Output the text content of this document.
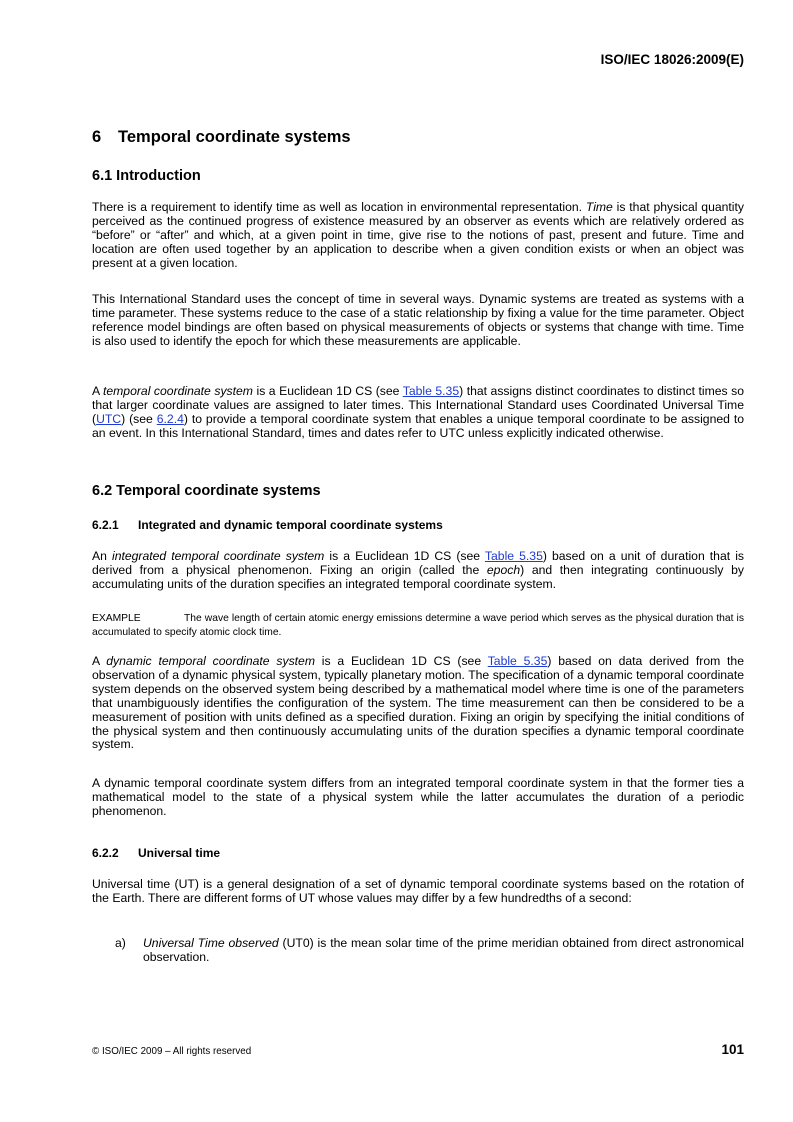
ISO/IEC 18026:2009(E)
6 Temporal coordinate systems
6.1 Introduction

There is a requirement to identify time as well as location in environmental representation. Time is that physical quantity perceived as the continued progress of existence measured by an observer as events which are relatively ordered as “before” or “after” and which, at a given point in time, give rise to the notions of past, present and future. Time and location are often used together by an application to describe when a given condition exists or when an object was present at a given location.

This International Standard uses the concept of time in several ways. Dynamic systems are treated as systems with a time parameter. These systems reduce to the case of a static relationship by fixing a value for the time parameter. Object reference model bindings are often based on physical measurements of objects or systems that change with time. Time is also used to identify the epoch for which these measurements are applicable.

A temporal coordinate system is a Euclidean 1D CS (see Table 5.35) that assigns distinct coordinates to distinct times so that larger coordinate values are assigned to later times. This International Standard uses Coordinated Universal Time (UTC) (see 6.2.4) to provide a temporal coordinate system that enables a unique temporal coordinate to be assigned to an event. In this International Standard, times and dates refer to UTC unless explicitly indicated otherwise.

6.2 Temporal coordinate systems
6.2.1 Integrated and dynamic temporal coordinate systems

An integrated temporal coordinate system is a Euclidean 1D CS (see Table 5.35) based on a unit of duration that is derived from a physical phenomenon. Fixing an origin (called the epoch) and then integrating continuously by accumulating units of the duration specifies an integrated temporal coordinate system.

EXAMPLE	The wave length of certain atomic energy emissions determine a wave period which serves as the physical duration that is accumulated to specify atomic clock time.

A dynamic temporal coordinate system is a Euclidean 1D CS (see Table 5.35) based on data derived from the observation of a dynamic physical system, typically planetary motion. The specification of a dynamic temporal coordinate system depends on the observed system being described by a mathematical model where time is one of the parameters that unambiguously identifies the configuration of the system. The time measurement can then be considered to be a measurement of position with units defined as a specified duration. Fixing an origin by specifying the initial conditions of the physical system and then continuously accumulating units of the duration specifies a dynamic temporal coordinate system.

A dynamic temporal coordinate system differs from an integrated temporal coordinate system in that the former ties a mathematical model to the state of a physical system while the latter accumulates the duration of a periodic phenomenon.

6.2.2 Universal time

Universal time (UT) is a general designation of a set of dynamic temporal coordinate systems based on the rotation of the Earth. There are different forms of UT whose values may differ by a few hundredths of a second:

a) Universal Time observed (UT0) is the mean solar time of the prime meridian obtained from direct astronomical observation.
© ISO/IEC 2009 – All rights reserved	101
